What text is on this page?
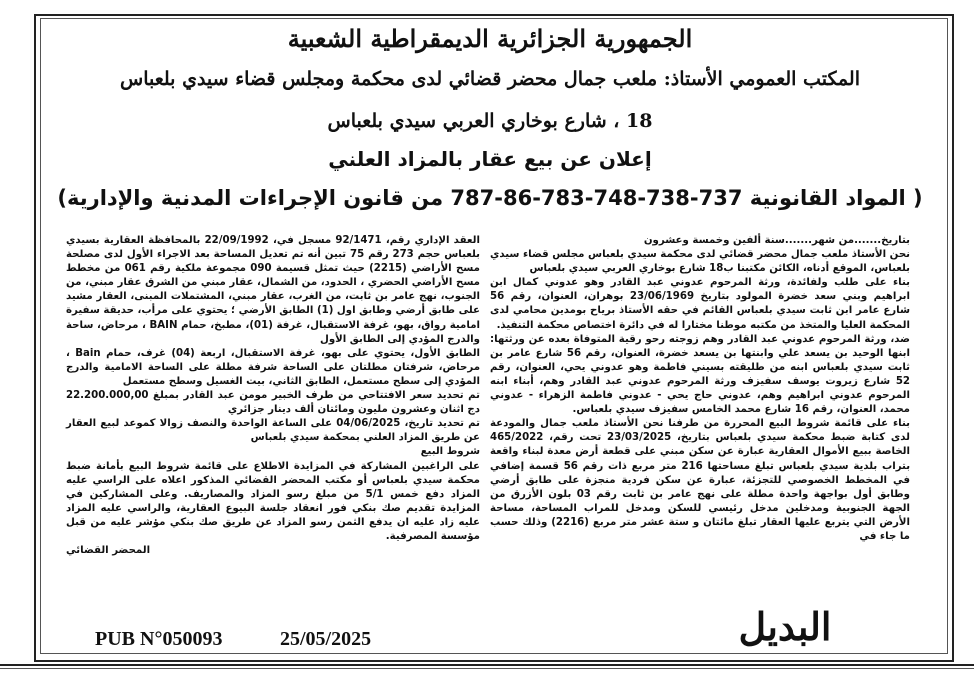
الجمهورية الجزائرية الديمقراطية الشعبية
المكتب العمومي الأستاذ: ملعب جمال محضر قضائي لدى محكمة ومجلس قضاء سيدي بلعباس
18 ، شارع بوخاري العربي سيدي بلعباس
إعلان عن بيع عقار بالمزاد العلني
( المواد القانونية 737-738-748-783-86-787 من قانون الإجراءات المدنية والإدارية)

بتاريخ.......من شهر.......سنة ألفين وخمسة وعشرون

نحن الأستاذ ملعب جمال محضر قضائي لدى محكمة سيدي بلعباس مجلس قضاء سيدي بلعباس، الموقع أدناه، الكائن مكتبنا ب18 شارع بوخاري العربي سيدي بلعباس

بناء على طلب ولفائدة، ورثة المرحوم عدوني عبد القادر وهو عدوني كمال ابن ابراهيم وبني سعد خضرة المولود بتاريخ 23/06/1969 بوهران، العنوان، رقم 56 شارع عامر ابن ثابت سيدي بلعباس القائم في حقه الأستاذ برياح بومدين محامي لدى المحكمة العليا والمتخذ من مكتبه موطنا مختارا له في دائرة اختصاص محكمة التنفيذ.

ضد، ورثة المرحوم عدوني عبد القادر وهم زوجته رحو رقية المتوفاة بعده عن ورثتها: ابنها الوحيد بن يسعد علي وابنتها بن يسعد خضرة، العنوان، رقم 56 شارع عامر بن ثابت سيدي بلعباس ابنه من طليقته بسيني فاطمة وهو عدوني يحي، العنوان، رقم 52 شارع زيروت يوسف سفيزف ورثة المرحوم عدوني عبد القادر وهم، أبناء ابنه المرحوم عدوني ابراهيم وهم، عدوني حاج يحي - عدوني فاطمة الزهراء - عدوني محمد، العنوان، رقم 16 شارع محمد الخامس سفيزف سيدي بلعباس.

بناء على قائمة شروط البيع المحررة من طرفنا نحن الأستاذ ملعب جمال والمودعة لدى كتابة ضبط محكمة سيدي بلعباس بتاريخ، 23/03/2025 تحت رقم، 465/2022 الخاصة ببيع الأموال العقارية عبارة عن سكن مبني على قطعة أرض معدة لبناء واقعة بتراب بلدية سيدي بلعباس تبلغ مساحتها 216 متر مربع ذات رقم 56 قسمة إضافي في المخطط الخصوصي للتجزئة، عبارة عن سكن فردية منجزة على طابق أرضي وطابق أول بواجهة واحدة مطلة على نهج عامر بن ثابت رقم 03 بلون الأزرق من الجهة الجنوبية ومدخلين مدخل رئيسي للسكن ومدخل للمراب المساحة، مساحة الأرض التي يتربع عليها العقار تبلغ مائتان و ستة عشر متر مربع (2216) وذلك حسب ما جاء في

العقد الإداري رقم، 92/1471 مسجل في، 22/09/1992 بالمحافظة العقارية بسيدي بلعباس حجم 273 رقم 75 تبين أنه تم تعديل المساحة بعد الاجراء الأول لدى مصلحة مسح الأراضي (2215) حيث تمثل قسيمة 090 مجموعة ملكية رقم 061 من مخطط مسح الأراضي الحضري ، الحدود، من الشمال، عقار مبني من الشرق عقار مبني، من الجنوب، نهج عامر بن ثابت، من الغرب، عقار مبني، المشتملات المبنى، العقار مشيد على طابق أرضي وطابق اول (1) الطابق الأرضي ؛ يحتوي على مرأب، حديقة سفيرة امامية رواق، بهو، غرفة الاستقبال، غرفة (01)، مطبخ، حمام BAIN ، مرحاض، ساحة والدرج المؤدي إلى الطابق الأول

الطابق الأول، يحتوي على بهو، غرفة الاستقبال، اربعة (04) غرف، حمام Bain ، مرحاض، شرفتان مطلتان على الساحة شرفة مطلة على الساحة الامامية والدرج المؤدي إلى سطح مستعمل، الطابق الثاني، بيت الغسيل وسطح مستعمل

تم تحديد سعر الافتتاحي من طرف الخبير مومن عبد القادر بمبلغ 22.200.000,00 دج اثنان وعشرون مليون ومائتان ألف دينار جزائري

تم تحديد تاريخ، 04/06/2025 على الساعة الواحدة والنصف زوالا كموعد لبيع العقار عن طريق المزاد العلني بمحكمة سيدي بلعباس

شروط البيع

على الراغبين المشاركة في المزايدة الاطلاع على قائمة شروط البيع بأمانة ضبط محكمة سيدي بلعباس أو مكتب المحضر القضائي المذكور اعلاه على الراسي عليه المزاد دفع خمس 5/1 من مبلغ رسو المزاد والمصاريف. وعلى المشاركين في المزايدة تقديم صك بنكي فور انعقاد جلسة البيوع العقارية، والراسي عليه المزاد عليه زاد عليه ان يدفع الثمن رسو المزاد عن طريق صك بنكي مؤشر عليه من قبل مؤسسة المصرفية.

المحضر القضائي

البديل
25/05/2025
PUB N°050093
